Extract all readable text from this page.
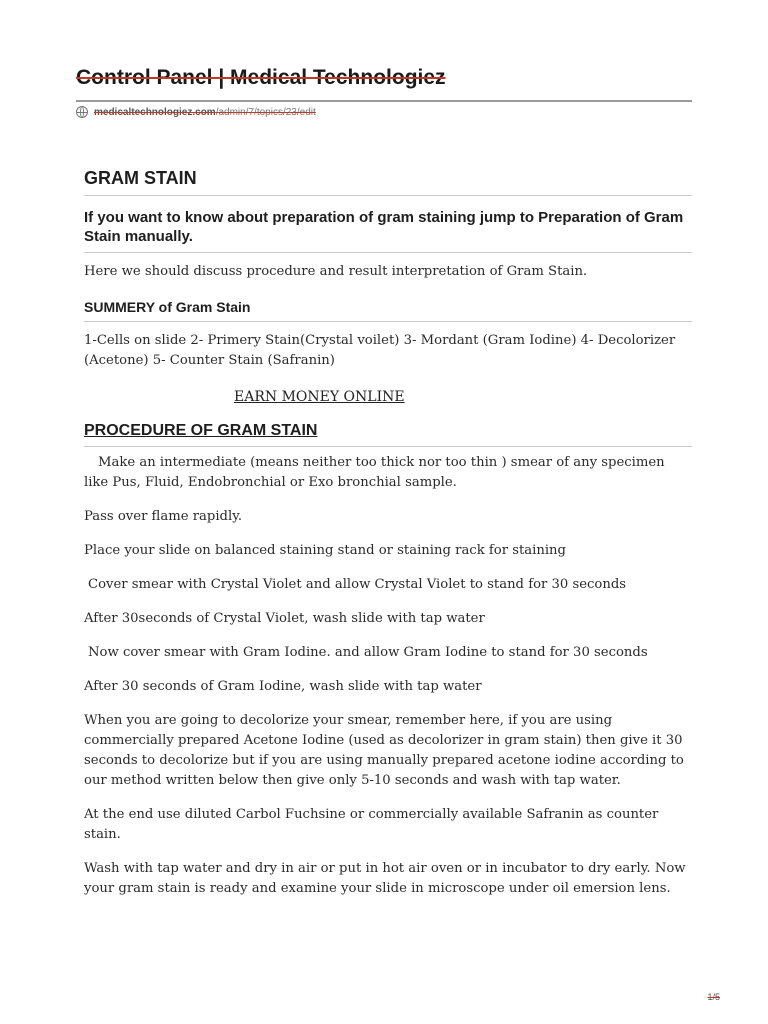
Control Panel | Medical Technologiez
medicaltechnologiez.com/admin/7/topics/23/edit
GRAM STAIN
If you want to know about preparation of gram staining jump to Preparation of Gram Stain manually.

Here we should discuss procedure and result interpretation of Gram Stain.

SUMMERY of Gram Stain

1-Cells on slide 2- Primery Stain(Crystal voilet) 3- Mordant (Gram Iodine) 4- Decolorizer (Acetone) 5- Counter Stain (Safranin)

EARN MONEY ONLINE
PROCEDURE OF GRAM STAIN

Make an intermediate (means neither too thick nor too thin ) smear of any specimen like Pus, Fluid, Endobronchial or Exo bronchial sample.

Pass over flame rapidly.

Place your slide on balanced staining stand or staining rack for staining

Cover smear with Crystal Violet and allow Crystal Violet to stand for 30 seconds

After 30seconds of Crystal Violet, wash slide with tap water

Now cover smear with Gram Iodine. and allow Gram Iodine to stand for 30 seconds

After 30 seconds of Gram Iodine, wash slide with tap water

When you are going to decolorize your smear, remember here, if you are using commercially prepared Acetone Iodine (used as decolorizer in gram stain) then give it 30 seconds to decolorize but if you are using manually prepared acetone iodine according to our method written below then give only 5-10 seconds and wash with tap water.

At the end use diluted Carbol Fuchsine or commercially available Safranin as counter stain.

Wash with tap water and dry in air or put in hot air oven or in incubator to dry early. Now your gram stain is ready and examine your slide in microscope under oil emersion lens.

1/5
